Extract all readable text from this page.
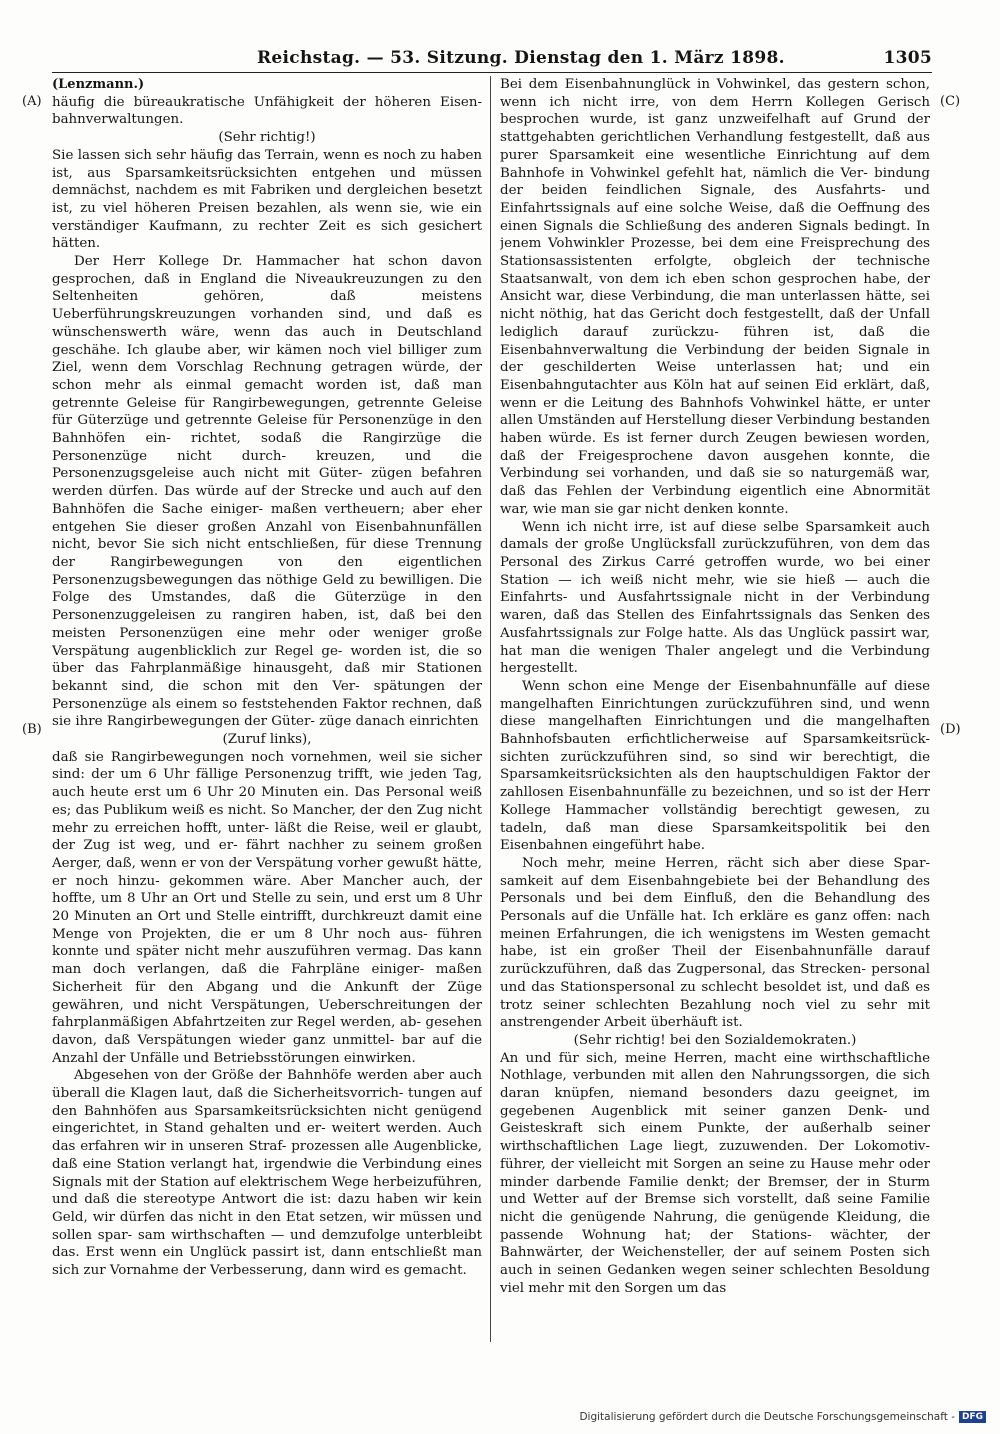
Reichstag. — 53. Sitzung. Dienstag den 1. März 1898.	1305
(A)
(B)
(C)
(D)

(Lenzmann.)

häufig die büreaukratische Unfähigkeit der höheren Eisen- bahnverwaltungen.

(Sehr richtig!)

Sie lassen sich sehr häufig das Terrain, wenn es noch zu haben ist, aus Sparsamkeitsrücksichten entgehen und müssen demnächst, nachdem es mit Fabriken und dergleichen besetzt ist, zu viel höheren Preisen bezahlen, als wenn sie, wie ein verständiger Kaufmann, zu rechter Zeit es sich gesichert hätten.

Der Herr Kollege Dr. Hammacher hat schon davon gesprochen, daß in England die Niveaukreuzungen zu den Seltenheiten gehören, daß meistens Ueberführungskreuzungen vorhanden sind, und daß es wünschenswerth wäre, wenn das auch in Deutschland geschähe. Ich glaube aber, wir kämen noch viel billiger zum Ziel, wenn dem Vorschlag Rechnung getragen würde, der schon mehr als einmal gemacht worden ist, daß man getrennte Geleise für Rangirbewegungen, getrennte Geleise für Güterzüge und getrennte Geleise für Personenzüge in den Bahnhöfen ein- richtet, sodaß die Rangirzüge die Personenzüge nicht durch- kreuzen, und die Personenzugsgeleise auch nicht mit Güter- zügen befahren werden dürfen. Das würde auf der Strecke und auch auf den Bahnhöfen die Sache einiger- maßen vertheuern; aber eher entgehen Sie dieser großen Anzahl von Eisenbahnunfällen nicht, bevor Sie sich nicht entschließen, für diese Trennung der Rangirbewegungen von den eigentlichen Personenzugsbewegungen das nöthige Geld zu bewilligen. Die Folge des Umstandes, daß die Güterzüge in den Personenzuggeleisen zu rangiren haben, ist, daß bei den meisten Personenzügen eine mehr oder weniger große Verspätung augenblicklich zur Regel ge- worden ist, die so über das Fahrplanmäßige hinausgeht, daß mir Stationen bekannt sind, die schon mit den Ver- spätungen der Personenzüge als einem so feststehenden Faktor rechnen, daß sie ihre Rangirbewegungen der Güter- züge danach einrichten

(Zuruf links),

daß sie Rangirbewegungen noch vornehmen, weil sie sicher sind: der um 6 Uhr fällige Personenzug trifft, wie jeden Tag, auch heute erst um 6 Uhr 20 Minuten ein. Das Personal weiß es; das Publikum weiß es nicht. So Mancher, der den Zug nicht mehr zu erreichen hofft, unter- läßt die Reise, weil er glaubt, der Zug ist weg, und er- fährt nachher zu seinem großen Aerger, daß, wenn er von der Verspätung vorher gewußt hätte, er noch hinzu- gekommen wäre. Aber Mancher auch, der hoffte, um 8 Uhr an Ort und Stelle zu sein, und erst um 8 Uhr 20 Minuten an Ort und Stelle eintrifft, durchkreuzt damit eine Menge von Projekten, die er um 8 Uhr noch aus- führen konnte und später nicht mehr auszuführen vermag. Das kann man doch verlangen, daß die Fahrpläne einiger- maßen Sicherheit für den Abgang und die Ankunft der Züge gewähren, und nicht Verspätungen, Ueberschreitungen der fahrplanmäßigen Abfahrtzeiten zur Regel werden, ab- gesehen davon, daß Verspätungen wieder ganz unmittel- bar auf die Anzahl der Unfälle und Betriebsstörungen einwirken.

Abgesehen von der Größe der Bahnhöfe werden aber auch überall die Klagen laut, daß die Sicherheitsvorrich- tungen auf den Bahnhöfen aus Sparsamkeitsrücksichten nicht genügend eingerichtet, in Stand gehalten und er- weitert werden. Auch das erfahren wir in unseren Straf- prozessen alle Augenblicke, daß eine Station verlangt hat, irgendwie die Verbindung eines Signals mit der Station auf elektrischem Wege herbeizuführen, und daß die stereotype Antwort die ist: dazu haben wir kein Geld, wir dürfen das nicht in den Etat setzen, wir müssen und sollen spar- sam wirthschaften — und demzufolge unterbleibt das. Erst wenn ein Unglück passirt ist, dann entschließt man sich zur Vornahme der Verbesserung, dann wird es gemacht.

Bei dem Eisenbahnunglück in Vohwinkel, das gestern schon, wenn ich nicht irre, von dem Herrn Kollegen Gerisch besprochen wurde, ist ganz unzweifelhaft auf Grund der stattgehabten gerichtlichen Verhandlung festgestellt, daß aus purer Sparsamkeit eine wesentliche Einrichtung auf dem Bahnhofe in Vohwinkel gefehlt hat, nämlich die Ver- bindung der beiden feindlichen Signale, des Ausfahrts- und Einfahrtssignals auf eine solche Weise, daß die Oeffnung des einen Signals die Schließung des anderen Signals bedingt. In jenem Vohwinkler Prozesse, bei dem eine Freisprechung des Stationsassistenten erfolgte, obgleich der technische Staatsanwalt, von dem ich eben schon gesprochen habe, der Ansicht war, diese Verbindung, die man unterlassen hätte, sei nicht nöthig, hat das Gericht doch festgestellt, daß der Unfall lediglich darauf zurückzu- führen ist, daß die Eisenbahnverwaltung die Verbindung der beiden Signale in der geschilderten Weise unterlassen hat; und ein Eisenbahngutachter aus Köln hat auf seinen Eid erklärt, daß, wenn er die Leitung des Bahnhofs Vohwinkel hätte, er unter allen Umständen auf Herstellung dieser Verbindung bestanden haben würde. Es ist ferner durch Zeugen bewiesen worden, daß der Freigesprochene davon ausgehen konnte, die Verbindung sei vorhanden, und daß sie so naturgemäß war, daß das Fehlen der Verbindung eigentlich eine Abnormität war, wie man sie gar nicht denken konnte.

Wenn ich nicht irre, ist auf diese selbe Sparsamkeit auch damals der große Unglücksfall zurückzuführen, von dem das Personal des Zirkus Carré getroffen wurde, wo bei einer Station — ich weiß nicht mehr, wie sie hieß — auch die Einfahrts- und Ausfahrtssignale nicht in der Verbindung waren, daß das Stellen des Einfahrtssignals das Senken des Ausfahrtssignals zur Folge hatte. Als das Unglück passirt war, hat man die wenigen Thaler angelegt und die Verbindung hergestellt.

Wenn schon eine Menge der Eisenbahnunfälle auf diese mangelhaften Einrichtungen zurückzuführen sind, und wenn diese mangelhaften Einrichtungen und die mangelhaften Bahnhofsbauten erfichtlicherweise auf Sparsamkeitsrück- sichten zurückzuführen sind, so sind wir berechtigt, die Sparsamkeitsrücksichten als den hauptschuldigen Faktor der zahllosen Eisenbahnunfälle zu bezeichnen, und so ist der Herr Kollege Hammacher vollständig berechtigt gewesen, zu tadeln, daß man diese Sparsamkeitspolitik bei den Eisenbahnen eingeführt habe.

Noch mehr, meine Herren, rächt sich aber diese Spar- samkeit auf dem Eisenbahngebiete bei der Behandlung des Personals und bei dem Einfluß, den die Behandlung des Personals auf die Unfälle hat. Ich erkläre es ganz offen: nach meinen Erfahrungen, die ich wenigstens im Westen gemacht habe, ist ein großer Theil der Eisenbahnunfälle darauf zurückzuführen, daß das Zugpersonal, das Strecken- personal und das Stationspersonal zu schlecht besoldet ist, und daß es trotz seiner schlechten Bezahlung noch viel zu sehr mit anstrengender Arbeit überhäuft ist.

(Sehr richtig! bei den Sozialdemokraten.)

An und für sich, meine Herren, macht eine wirthschaftliche Nothlage, verbunden mit allen den Nahrungssorgen, die sich daran knüpfen, niemand besonders dazu geeignet, im gegebenen Augenblick mit seiner ganzen Denk- und Geisteskraft sich einem Punkte, der außerhalb seiner wirthschaftlichen Lage liegt, zuzuwenden. Der Lokomotiv- führer, der vielleicht mit Sorgen an seine zu Hause mehr oder minder darbende Familie denkt; der Bremser, der in Sturm und Wetter auf der Bremse sich vorstellt, daß seine Familie nicht die genügende Nahrung, die genügende Kleidung, die passende Wohnung hat; der Stations- wächter, der Bahnwärter, der Weichensteller, der auf seinem Posten sich auch in seinen Gedanken wegen seiner schlechten Besoldung viel mehr mit den Sorgen um das

Digitalisierung gefördert durch die Deutsche Forschungsgemeinschaft - DFG
